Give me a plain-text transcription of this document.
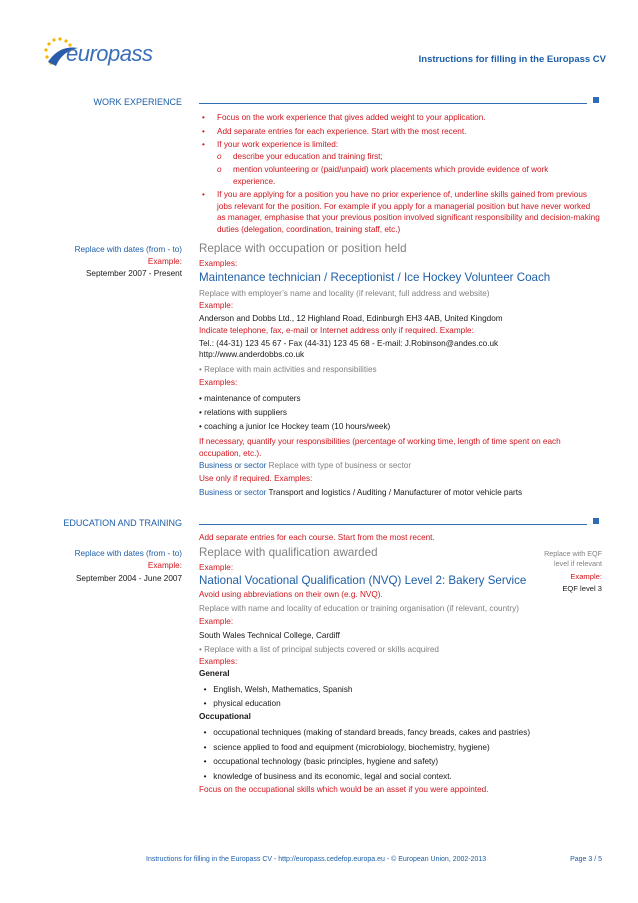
europass	Instructions for filling in the Europass CV
WORK EXPERIENCE
• Focus on the work experience that gives added weight to your application.
• Add separate entries for each experience. Start with the most recent.
• If your work experience is limited:
o describe your education and training first;
o mention volunteering or (paid/unpaid) work placements which provide evidence of work experience.
• If you are applying for a position you have no prior experience of, underline skills gained from previous jobs relevant for the position. For example if you apply for a managerial position but have never worked as manager, emphasise that your previous position involved significant responsibility and decision-making duties (delegation, coordination, training staff, etc.)
Replace with dates (from - to)
Example:
September 2007 - Present
Replace with occupation or position held
Examples:
Maintenance technician / Receptionist / Ice Hockey Volunteer Coach
Replace with employer’s name and locality (if relevant, full address and website)
Example:
Anderson and Dobbs Ltd., 12 Highland Road, Edinburgh EH3 4AB, United Kingdom
Indicate telephone, fax, e-mail or Internet address only if required. Example:
Tel.: (44-31) 123 45 67 - Fax (44-31) 123 45 68 - E-mail: J.Robinson@andes.co.uk
http://www.anderdobbs.co.uk
• Replace with main activities and responsibilities
Examples:
• maintenance of computers
• relations with suppliers
• coaching a junior Ice Hockey team (10 hours/week)
If necessary, quantify your responsibilities (percentage of working time, length of time spent on each occupation, etc.).
Business or sector Replace with type of business or sector
Use only if required. Examples:
Business or sector Transport and logistics / Auditing / Manufacturer of motor vehicle parts
EDUCATION AND TRAINING
Add separate entries for each course. Start from the most recent.
Replace with dates (from - to)
Example:
September 2004 - June 2007
Replace with qualification awarded
Example:
National Vocational Qualification (NVQ) Level 2: Bakery Service
Replace with EQF
level if relevant
Example:
EQF level 3
Avoid using abbreviations on their own (e.g. NVQ).
Replace with name and locality of education or training organisation (if relevant, country)
Example:
South Wales Technical College, Cardiff
• Replace with a list of principal subjects covered or skills acquired
Examples:
General
• English, Welsh, Mathematics, Spanish
• physical education
Occupational
• occupational techniques (making of standard breads, fancy breads, cakes and pastries)
• science applied to food and equipment (microbiology, biochemistry, hygiene)
• occupational technology (basic principles, hygiene and safety)
• knowledge of business and its economic, legal and social context.
Focus on the occupational skills which would be an asset if you were appointed.
Instructions for filling in the Europass CV - http://europass.cedefop.europa.eu - © European Union, 2002-2013	Page 3 / 5
